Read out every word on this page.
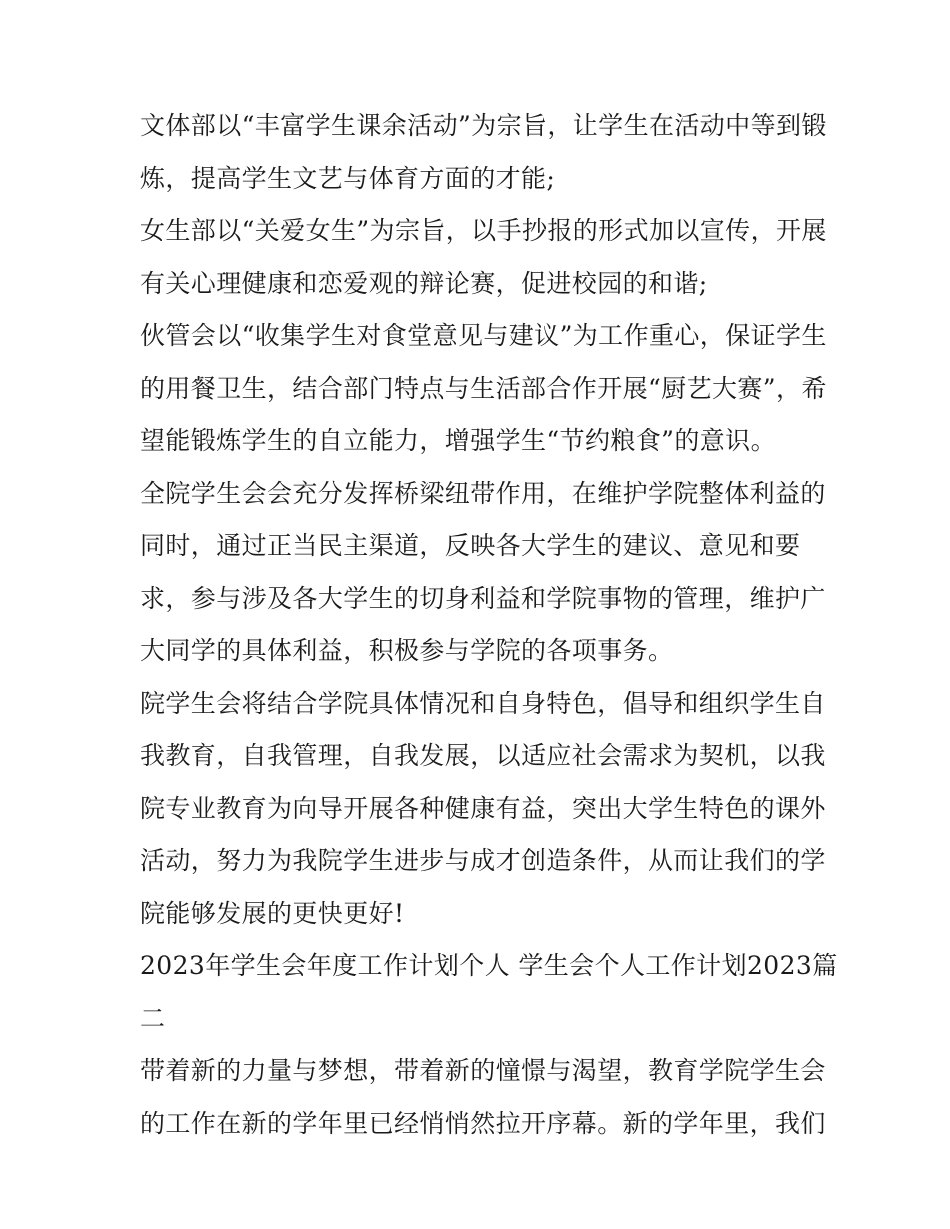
文体部以“丰富学生课余活动”为宗旨，让学生在活动中等到锻
炼，提高学生文艺与体育方面的才能;
女生部以“关爱女生”为宗旨，以手抄报的形式加以宣传，开展
有关心理健康和恋爱观的辩论赛，促进校园的和谐;
伙管会以“收集学生对食堂意见与建议”为工作重心，保证学生
的用餐卫生，结合部门特点与生活部合作开展“厨艺大赛”，希
望能锻炼学生的自立能力，增强学生“节约粮食”的意识。
全院学生会会充分发挥桥梁纽带作用，在维护学院整体利益的
同时，通过正当民主渠道，反映各大学生的建议、意见和要
求，参与涉及各大学生的切身利益和学院事物的管理，维护广
大同学的具体利益，积极参与学院的各项事务。
院学生会将结合学院具体情况和自身特色，倡导和组织学生自
我教育，自我管理，自我发展，以适应社会需求为契机，以我
院专业教育为向导开展各种健康有益，突出大学生特色的课外
活动，努力为我院学生进步与成才创造条件，从而让我们的学
院能够发展的更快更好!
2023年学生会年度工作计划个人 学生会个人工作计划2023篇
二
带着新的力量与梦想，带着新的憧憬与渴望，教育学院学生会
的工作在新的学年里已经悄悄然拉开序幕。新的学年里，我们
